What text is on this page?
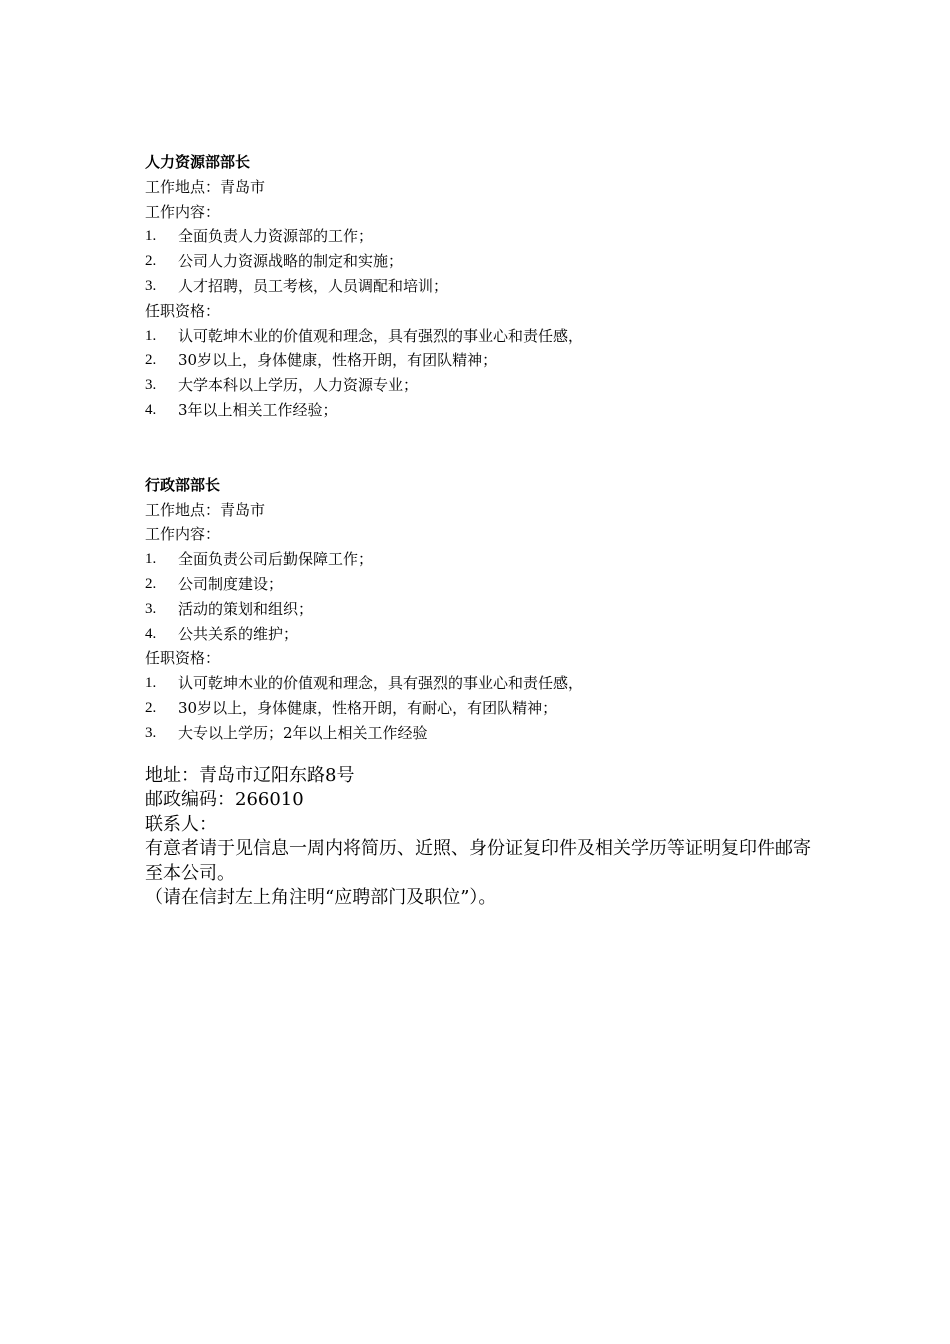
人力资源部部长
工作地点：青岛市
工作内容：
1.	全面负责人力资源部的工作；
2.	公司人力资源战略的制定和实施；
3.	人才招聘，员工考核，人员调配和培训；
任职资格：
1.	认可乾坤木业的价值观和理念，具有强烈的事业心和责任感，
2.	30岁以上，身体健康，性格开朗，有团队精神；
3.	大学本科以上学历，人力资源专业；
4.	3年以上相关工作经验；
行政部部长
工作地点：青岛市
工作内容：
1.	全面负责公司后勤保障工作；
2.	公司制度建设；
3.	活动的策划和组织；
4.	公共关系的维护；
任职资格：
1.	认可乾坤木业的价值观和理念，具有强烈的事业心和责任感，
2.	30岁以上，身体健康，性格开朗，有耐心，有团队精神；
3.	大专以上学历；2年以上相关工作经验
地址：青岛市辽阳东路8号
邮政编码：266010
联系人：
有意者请于见信息一周内将简历、近照、身份证复印件及相关学历等证明复印件邮寄至本公司。
（请在信封左上角注明“应聘部门及职位”）。
